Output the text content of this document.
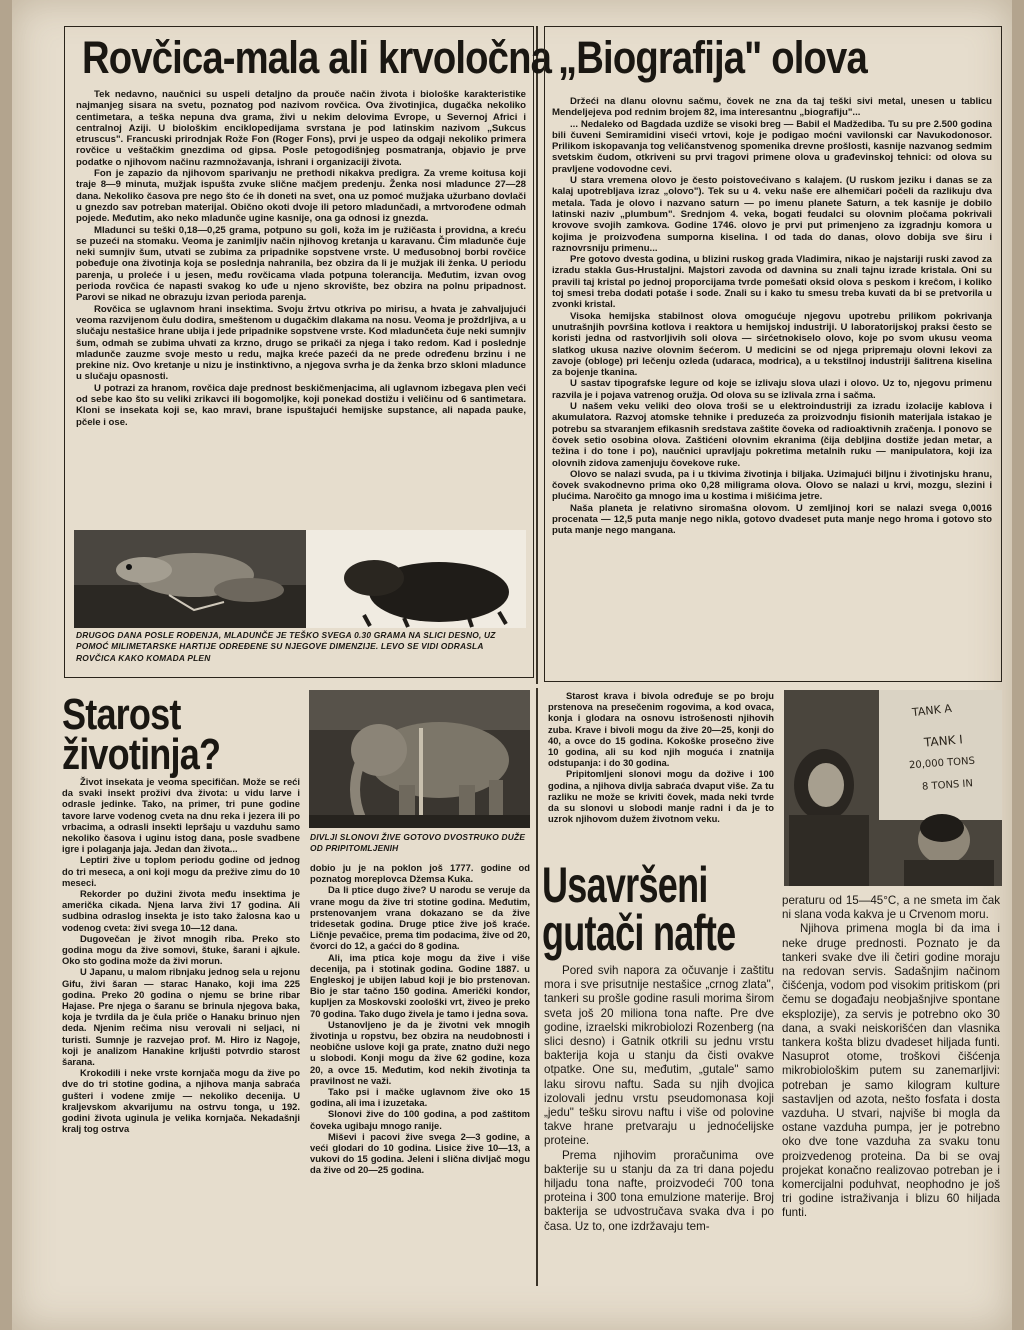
Rovčica-mala ali krvoločna

Tek nedavno, naučnici su uspeli detaljno da prouče način života i biološke karakteristike najmanjeg sisara na svetu, poznatog pod nazivom rovčica. Ova životinjica, dugačka nekoliko centimetara, a teška nepuna dva grama, živi u nekim delovima Evrope, u Severnoj Africi i centralnoj Aziji. U biološkim enciklopedijama svrstana je pod latinskim nazivom „Sukcus etruscus". Francuski prirodnjak Rože Fon (Roger Fons), prvi je uspeo da odgaji nekoliko primera rovčice u veštačkim gnezdima od gipsa. Posle petogodišnjeg posmatranja, objavio je prve podatke o njihovom načinu razmnožavanja, ishrani i organizaciji života.

Fon je zapazio da njihovom sparivanju ne prethodi nikakva predigra. Za vreme koitusa koji traje 8—9 minuta, mužjak ispušta zvuke slične mačjem predenju. Ženka nosi mladunce 27—28 dana. Nekoliko časova pre nego što će ih doneti na svet, ona uz pomoć mužjaka užurbano dovlači u gnezdo sav potreban materijal. Obično okoti dvoje ili petoro mladunčadi, a mrtvorođene odmah pojede. Međutim, ako neko mladunče ugine kasnije, ona ga odnosi iz gnezda.

Mladunci su teški 0,18—0,25 grama, potpuno su goli, koža im je ružičasta i providna, a kreću se puzeći na stomaku. Veoma je zanimljiv način njihovog kretanja u karavanu. Čim mladunče čuje neki sumnjiv šum, utvati se zubima za pripadnike sopstvene vrste. U međusobnoj borbi rovčice pobeđuje ona životinja koja se poslednja nahranila, bez obzira da li je mužjak ili ženka. U periodu parenja, u proleće i u jesen, među rovčicama vlada potpuna tolerancija. Međutim, izvan ovog perioda rovčica će napasti svakog ko uđe u njeno skrovište, bez obzira na polnu pripadnost. Parovi se nikad ne obrazuju izvan perioda parenja.

Rovčica se uglavnom hrani insektima. Svoju žrtvu otkriva po mirisu, a hvata je zahvaljujući veoma razvijenom čulu dodira, smeštenom u dugačkim dlakama na nosu. Veoma je proždrljiva, a u slučaju nestašice hrane ubija i jede pripadnike sopstvene vrste. Kod mladunčeta čuje neki sumnjiv šum, odmah se zubima uhvati za krzno, drugo se prikači za njega i tako redom. Kad i poslednje mladunče zauzme svoje mesto u redu, majka kreće pazeći da ne prede određenu brzinu i ne prekine niz. Ovo kretanje u nizu je instinktivno, a njegova svrha je da ženka brzo skloni mladunce u slučaju opasnosti.

U potrazi za hranom, rovčica daje prednost beskičmenjacima, ali uglavnom izbegava plen veći od sebe kao što su veliki zrikavci ili bogomoljke, koji ponekad dostižu i veličinu od 6 santimetara. Kloni se insekata koji se, kao mravi, brane ispuštajući hemijske supstance, ali napada pauke, pčele i ose.

DRUGOG DANA POSLE ROĐENJA, MLADUNČE JE TEŠKO SVEGA 0.30 GRAMA NA SLICI DESNO, UZ POMOĆ MILIMETARSKE HARTIJE ODREĐENE SU NJEGOVE DIMENZIJE. LEVO SE VIDI ODRASLA ROVČICA KAKO KOMADA PLEN
„Biografija" olova

Držeći na dlanu olovnu sačmu, čovek ne zna da taj teški sivi metal, unesen u tablicu Mendeljejeva pod rednim brojem 82, ima interesantnu „biografiju"...

... Nedaleko od Bagdada uzdiže se visoki breg — Babil el Madžediba. Tu su pre 2.500 godina bili čuveni Semiramidini viseći vrtovi, koje je podigao moćni vavilonski car Navukodonosor. Prilikom iskopavanja tog veličanstvenog spomenika drevne prošlosti, kasnije nazvanog sedmim svetskim čudom, otkriveni su prvi tragovi primene olova u građevinskoj tehnici: od olova su pravljene vodovodne cevi.

U stara vremena olovo je često poistovećivano s kalajem. (U ruskom jeziku i danas se za kalaj upotrebljava izraz „olovo"). Tek su u 4. veku naše ere alhemičari počeli da razlikuju dva metala. Tada je olovo i nazvano saturn — po imenu planete Saturn, a tek kasnije je dobilo latinski naziv „plumbum". Srednjom 4. veka, bogati feudalci su olovnim pločama pokrivali krovove svojih zamkova. Godine 1746. olovo je prvi put primenjeno za izgradnju komora u kojima je proizvođena sumporna kiselina. I od tada do danas, olovo dobija sve širu i raznovrsniju primenu...

Pre gotovo dvesta godina, u blizini ruskog grada Vladimira, nikao je najstariji ruski zavod za izradu stakla Gus-Hrustaljni. Majstori zavoda od davnina su znali tajnu izrade kristala. Oni su pravili taj kristal po jednoj proporcijama tvrde pomešati oksid olova s peskom i kreĉom, i koliko toj smesi treba dodati potaše i sode. Znali su i kako tu smesu treba kuvati da bi se pretvorila u zvonki kristal.

Visoka hemijska stabilnost olova omogućuje njegovu upotrebu prilikom pokrivanja unutrašnjih površina kotlova i reaktora u hemijskoj industriji. U laboratorijskoj praksi često se koristi jedna od rastvorljivih soli olova — sirćetnokiselo olovo, koje po svom ukusu veoma slatkog ukusa nazive olovnim šećerom. U medicini se od njega pripremaju olovni lekovi za zavoje (obloge) pri lečenju ozleda (udaraca, modrica), a u tekstilnoj industriji šalitrena kiselina za bojenje tkanina.

U sastav tipografske legure od koje se izlivaju slova ulazi i olovo. Uz to, njegovu primenu razvila je i pojava vatrenog oružja. Od olova su se izlivala zrna i sačma.

U našem veku veliki deo olova troši se u elektroindustriji za izradu izolacije kablova i akumulatora. Razvoj atomske tehnike i preduzeća za proizvodnju fisionih materijala istakao je potrebu sa stvaranjem efikasnih sredstava zaštite čoveka od radioaktivnih zračenja. I ponovo se čovek setio osobina olova. Zaštićeni olovnim ekranima (čija debljina dostiže jedan metar, a težina i do tone i po), naučnici upravljaju pokretima metalnih ruku — manipulatora, koji iza olovnih zidova zamenjuju čovekove ruke.

Olovo se nalazi svuda, pa i u tkivima životinja i biljaka. Uzimajući biljnu i životinjsku hranu, čovek svakodnevno prima oko 0,28 miligrama olova. Olovo se nalazi u krvi, mozgu, slezini i plućima. Naročito ga mnogo ima u kostima i mišićima jetre.

Naša planeta je relativno siromašna olovom. U zemljinoj kori se nalazi svega 0,0016 procenata — 12,5 puta manje nego nikla, gotovo dvadeset puta manje nego hroma i gotovo sto puta manje nego mangana.

Starost
životinja?

Život insekata je veoma specifičan. Može se reći da svaki insekt proživi dva života: u vidu larve i odrasle jedinke. Tako, na primer, tri pune godine tavore larve vodenog cveta na dnu reka i jezera ili po vrbacima, a odrasli insekti lepršaju u vazduhu samo nekoliko časova i uginu istog dana, posle svadbene igre i polaganja jaja. Jedan dan života...

Leptiri žive u toplom periodu godine od jednog do tri meseca, a oni koji mogu da prežive zimu do 10 meseci.

Rekorder po dužini života među insektima je američka cikada. Njena larva živi 17 godina. Ali sudbina odraslog insekta je isto tako žalosna kao u vodenog cveta: živi svega 10—12 dana.

Dugovečan je život mnogih riba. Preko sto godina mogu da žive somovi, štuke, šarani i ajkule. Oko sto godina može da živi morun.

U Japanu, u malom ribnjaku jednog sela u rejonu Gifu, živi šaran — starac Hanako, koji ima 225 godina. Preko 20 godina o njemu se brine ribar Hajase. Pre njega o šaranu se brinula njegova baka, koja je tvrdila da je čula priče o Hanaku brinuo njen deda. Njenim rečima nisu verovali ni seljaci, ni turisti. Sumnje je razvejao prof. M. Hiro iz Nagoje, koji je analizom Hanakine krljušti potvrdio starost šarana.

Krokodili i neke vrste kornjača mogu da žive po dve do tri stotine godina, a njihova manja sabraća gušteri i vodene zmije — nekoliko decenija. U kraljevskom akvarijumu na ostrvu tonga, u 192. godini života uginula je velika kornjača. Nekadašnji kralj tog ostrva

DIVLJI SLONOVI ŽIVE GOTOVO DVOSTRUKO DUŽE OD PRIPITOMLJENIH

dobio ju je na poklon još 1777. godine od poznatog moreplovca Džemsa Kuka.

Da li ptice dugo žive? U narodu se veruje da vrane mogu da žive tri stotine godina. Međutim, prstenovanjem vrana dokazano se da žive tridesetak godina. Druge ptice žive još kraće. Ličnje pevačice, prema tim podacima, žive od 20, čvorci do 12, a gaćci do 8 godina.

Ali, ima ptica koje mogu da žive i više decenija, pa i stotinak godina. Godine 1887. u Engleskoj je ubijen labud koji je bio prstenovan. Bio je star tačno 150 godina. Američki kondor, kupljen za Moskovski zoološki vrt, živeo je preko 70 godina. Tako dugo živela je tamo i jedna sova.

Ustanovljeno je da je životni vek mnogih životinja u ropstvu, bez obzira na neudobnosti i neobične uslove koji ga prate, znatno duži nego u slobodi. Konji mogu da žive 62 godine, koza 20, a ovce 15. Međutim, kod nekih životinja ta pravilnost ne važi.

Tako psi i mačke uglavnom žive oko 15 godina, ali ima i izuzetaka.

Slonovi žive do 100 godina, a pod zaštitom čoveka ugibaju mnogo ranije.

Miševi i pacovi žive svega 2—3 godine, a veći glodari do 10 godina. Lisice žive 10—13, a vukovi do 15 godina. Jeleni i slična divljač mogu da žive od 20—25 godina.

Starost krava i bivola određuje se po broju prstenova na presečenim rogovima, a kod ovaca, konja i glodara na osnovu istrošenosti njihovih zuba. Krave i bivoli mogu da žive 20—25, konji do 40, a ovce do 15 godina. Kokoške prosečno žive 10 godina, ali su kod njih moguća i znatnija odstupanja: i do 30 godina.

Pripitomljeni slonovi mogu da dožive i 100 godina, a njihova divlja sabraća dvaput više. Za tu razliku ne može se kriviti čovek, mada neki tvrde da su slonovi u slobodi manje radni i da je to uzrok njihovom dužem životnom veku.

Usavršeni
gutači nafte

Pored svih napora za očuvanje i zaštitu mora i sve prisutnije nestašice „crnog zlata", tankeri su prošle godine rasuli morima širom sveta još 20 miliona tona nafte. Pre dve godine, izraelski mikrobiolozi Rozenberg (na slici desno) i Gatnik otkrili su jednu vrstu bakterija koja u stanju da čisti ovakve otpatke. One su, međutim, „gutale" samo laku sirovu naftu. Sada su njih dvojica izolovali jednu vrstu pseudomonasa koji „jedu" tešku sirovu naftu i više od polovine takve hrane pretvaraju u jednoćelijske proteine.

Prema njihovim proračunima ove bakterije su u stanju da za tri dana pojedu hiljadu tona nafte, proizvodeći 700 tona proteina i 300 tona emulzione materije. Broj bakterija se udvostručava svaka dva i po časa. Uz to, one izdržavaju tem-

TANK A
TANK I
20,000 TONS
8 TONS IN

peraturu od 15—45°C, a ne smeta im čak ni slana voda kakva je u Crvenom moru.

Njihova primena mogla bi da ima i neke druge prednosti. Poznato je da tankeri svake dve ili četiri godine moraju na redovan servis. Sadašnjim načinom čišćenja, vodom pod visokim pritiskom (pri čemu se događaju neobjašnjive spontane eksplozije), za servis je potrebno oko 30 dana, a svaki neiskorišćen dan vlasnika tankera košta blizu dvadeset hiljada funti. Nasuprot otome, troškovi čišćenja mikrobiološkim putem su zanemarljivi: potreban je samo kilogram kulture sastavljen od azota, nešto fosfata i dosta vazduha. U stvari, najviše bi mogla da ostane vazduha pumpa, jer je potrebno oko dve tone vazduha za svaku tonu proizvedenog proteina. Da bi se ovaj projekat konačno realizovao potreban je i komercijalni poduhvat, neophodno je još tri godine istraživanja i blizu 60 hiljada funti.
